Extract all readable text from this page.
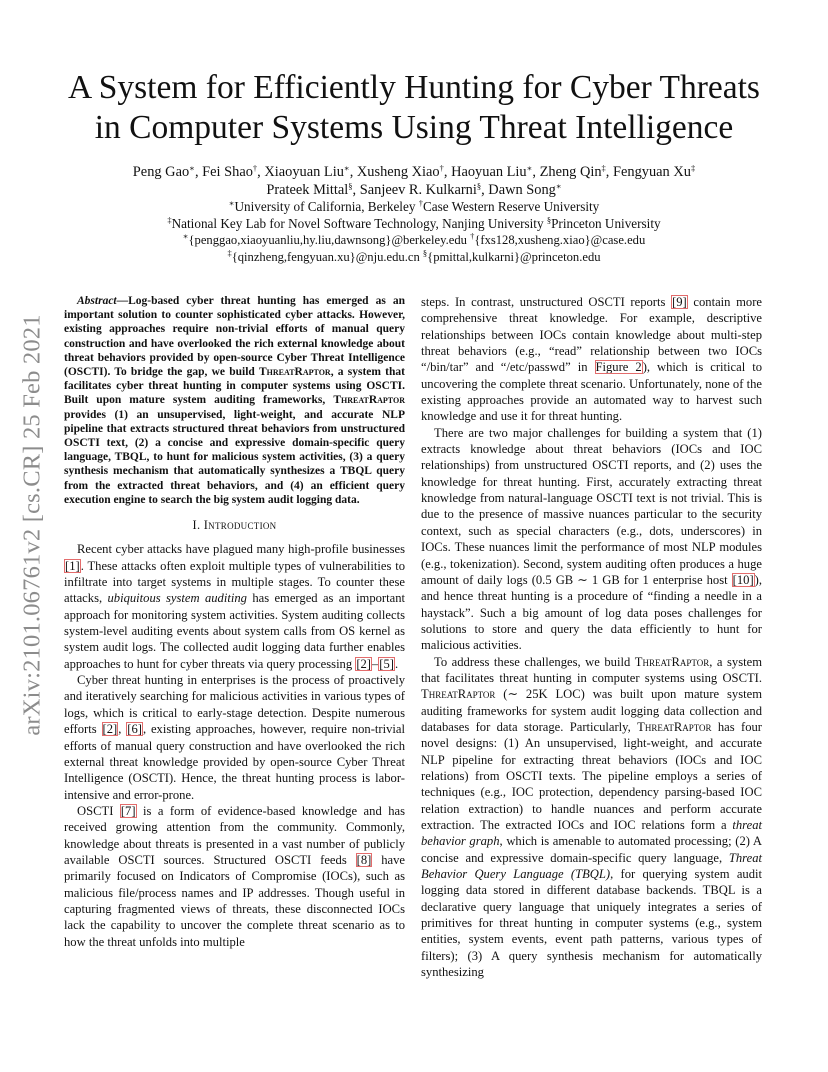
arXiv:2101.06761v2 [cs.CR] 25 Feb 2021
A System for Efficiently Hunting for Cyber Threats
in Computer Systems Using Threat Intelligence
Peng Gao∗, Fei Shao†, Xiaoyuan Liu∗, Xusheng Xiao†, Haoyuan Liu∗, Zheng Qin‡, Fengyuan Xu‡
Prateek Mittal§, Sanjeev R. Kulkarni§, Dawn Song∗
∗University of California, Berkeley †Case Western Reserve University
‡National Key Lab for Novel Software Technology, Nanjing University §Princeton University
∗{penggao,xiaoyuanliu,hy.liu,dawnsong}@berkeley.edu †{fxs128,xusheng.xiao}@case.edu
‡{qinzheng,fengyuan.xu}@nju.edu.cn §{pmittal,kulkarni}@princeton.edu

Abstract—Log-based cyber threat hunting has emerged as an important solution to counter sophisticated cyber attacks. However, existing approaches require non-trivial efforts of manual query construction and have overlooked the rich external knowledge about threat behaviors provided by open-source Cyber Threat Intelligence (OSCTI). To bridge the gap, we build ThreatRaptor, a system that facilitates cyber threat hunting in computer systems using OSCTI. Built upon mature system auditing frameworks, ThreatRaptor provides (1) an unsupervised, light-weight, and accurate NLP pipeline that extracts structured threat behaviors from unstructured OSCTI text, (2) a concise and expressive domain-specific query language, TBQL, to hunt for malicious system activities, (3) a query synthesis mechanism that automatically synthesizes a TBQL query from the extracted threat behaviors, and (4) an efficient query execution engine to search the big system audit logging data.

I. Introduction

Recent cyber attacks have plagued many high-profile businesses [1]. These attacks often exploit multiple types of vulnerabilities to infiltrate into target systems in multiple stages. To counter these attacks, ubiquitous system auditing has emerged as an important approach for monitoring system activities. System auditing collects system-level auditing events about system calls from OS kernel as system audit logs. The collected audit logging data further enables approaches to hunt for cyber threats via query processing [2]–[5].

Cyber threat hunting in enterprises is the process of proactively and iteratively searching for malicious activities in various types of logs, which is critical to early-stage detection. Despite numerous efforts [2], [6], existing approaches, however, require non-trivial efforts of manual query construction and have overlooked the rich external threat knowledge provided by open-source Cyber Threat Intelligence (OSCTI). Hence, the threat hunting process is labor-intensive and error-prone.

OSCTI [7] is a form of evidence-based knowledge and has received growing attention from the community. Commonly, knowledge about threats is presented in a vast number of publicly available OSCTI sources. Structured OSCTI feeds [8] have primarily focused on Indicators of Compromise (IOCs), such as malicious file/process names and IP addresses. Though useful in capturing fragmented views of threats, these disconnected IOCs lack the capability to uncover the complete threat scenario as to how the threat unfolds into multiple

steps. In contrast, unstructured OSCTI reports [9] contain more comprehensive threat knowledge. For example, descriptive relationships between IOCs contain knowledge about multi-step threat behaviors (e.g., “read” relationship between two IOCs “/bin/tar” and “/etc/passwd” in Figure 2), which is critical to uncovering the complete threat scenario. Unfortunately, none of the existing approaches provide an automated way to harvest such knowledge and use it for threat hunting.

There are two major challenges for building a system that (1) extracts knowledge about threat behaviors (IOCs and IOC relationships) from unstructured OSCTI reports, and (2) uses the knowledge for threat hunting. First, accurately extracting threat knowledge from natural-language OSCTI text is not trivial. This is due to the presence of massive nuances particular to the security context, such as special characters (e.g., dots, underscores) in IOCs. These nuances limit the performance of most NLP modules (e.g., tokenization). Second, system auditing often produces a huge amount of daily logs (0.5 GB ∼ 1 GB for 1 enterprise host [10]), and hence threat hunting is a procedure of “finding a needle in a haystack”. Such a big amount of log data poses challenges for solutions to store and query the data efficiently to hunt for malicious activities.

To address these challenges, we build ThreatRaptor, a system that facilitates threat hunting in computer systems using OSCTI. ThreatRaptor (∼ 25K LOC) was built upon mature system auditing frameworks for system audit logging data collection and databases for data storage. Particularly, ThreatRaptor has four novel designs: (1) An unsupervised, light-weight, and accurate NLP pipeline for extracting threat behaviors (IOCs and IOC relations) from OSCTI texts. The pipeline employs a series of techniques (e.g., IOC protection, dependency parsing-based IOC relation extraction) to handle nuances and perform accurate extraction. The extracted IOCs and IOC relations form a threat behavior graph, which is amenable to automated processing; (2) A concise and expressive domain-specific query language, Threat Behavior Query Language (TBQL), for querying system audit logging data stored in different database backends. TBQL is a declarative query language that uniquely integrates a series of primitives for threat hunting in computer systems (e.g., system entities, system events, event path patterns, various types of filters); (3) A query synthesis mechanism for automatically synthesizing
